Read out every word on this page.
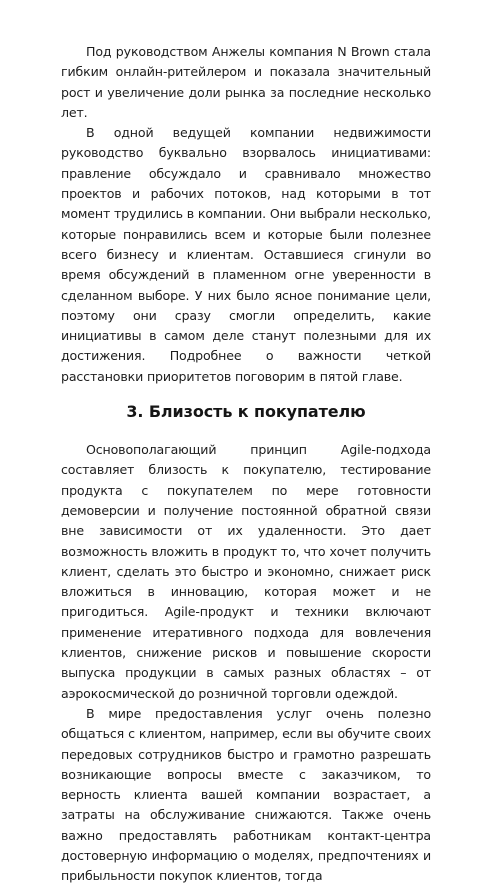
Под руководством Анжелы компания N Brown стала гибким онлайн-ритейлером и показала значительный рост и увеличение доли рынка за последние несколько лет.

В одной ведущей компании недвижимости руководство буквально взорвалось инициативами: правление обсуждало и сравнивало множество проектов и рабочих потоков, над которыми в тот момент трудились в компании. Они выбрали несколько, которые понравились всем и которые были полезнее всего бизнесу и клиентам. Оставшиеся сгинули во время обсуждений в пламенном огне уверенности в сделанном выборе. У них было ясное понимание цели, поэтому они сразу смогли определить, какие инициативы в самом деле станут полезными для их достижения. Подробнее о важности четкой расстановки приоритетов поговорим в пятой главе.

3. Близость к покупателю

Основополагающий принцип Agile-подхода составляет близость к покупателю, тестирование продукта с покупателем по мере готовности демоверсии и получение постоянной обратной связи вне зависимости от их удаленности. Это дает возможность вложить в продукт то, что хочет получить клиент, сделать это быстро и экономно, снижает риск вложиться в инновацию, которая может и не пригодиться. Agile-продукт и техники включают применение итеративного подхода для вовлечения клиентов, снижение рисков и повышение скорости выпуска продукции в самых разных областях – от аэрокосмической до розничной торговли одеждой.

В мире предоставления услуг очень полезно общаться с клиентом, например, если вы обучите своих передовых сотрудников быстро и грамотно разрешать возникающие вопросы вместе с заказчиком, то верность клиента вашей компании возрастает, а затраты на обслуживание снижаются. Также очень важно предоставлять работникам контакт-центра достоверную информацию о моделях, предпочтениях и прибыльности покупок клиентов, тогда
